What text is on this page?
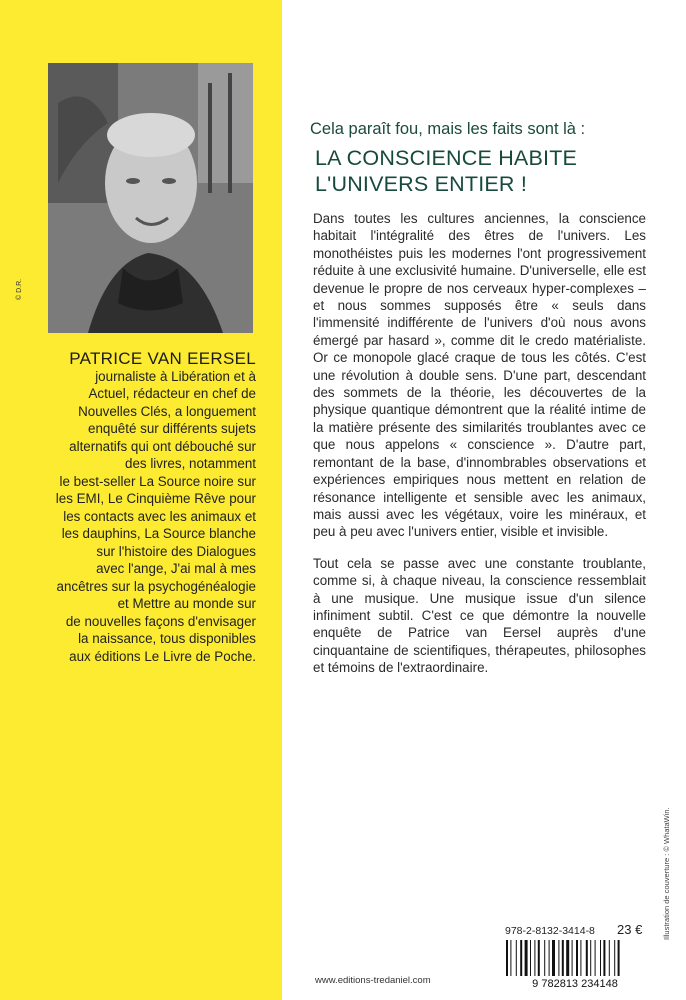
© D.R.
PATRICE VAN EERSEL
journaliste à Libération et à
Actuel, rédacteur en chef de
Nouvelles Clés, a longuement
enquêté sur différents sujets
alternatifs qui ont débouché sur
des livres, notamment
le best-seller La Source noire sur
les EMI, Le Cinquième Rêve pour
les contacts avec les animaux et
les dauphins, La Source blanche
sur l'histoire des Dialogues
avec l'ange, J'ai mal à mes
ancêtres sur la psychogénéalogie
et Mettre au monde sur
de nouvelles façons d'envisager
la naissance, tous disponibles
aux éditions Le Livre de Poche.
Cela paraît fou, mais les faits sont là :
LA CONSCIENCE HABITE
L'UNIVERS ENTIER !

Dans toutes les cultures anciennes, la conscience habitait l'intégralité des êtres de l'univers. Les monothéistes puis les modernes l'ont progressivement réduite à une exclusivité humaine. D'universelle, elle est devenue le propre de nos cerveaux hyper-complexes – et nous sommes supposés être « seuls dans l'immensité indifférente de l'univers d'où nous avons émergé par hasard », comme dit le credo matérialiste. Or ce monopole glacé craque de tous les côtés. C'est une révolution à double sens. D'une part, descendant des sommets de la théorie, les découvertes de la physique quantique démontrent que la réalité intime de la matière présente des similarités troublantes avec ce que nous appelons « conscience ». D'autre part, remontant de la base, d'innombrables observations et expériences empiriques nous mettent en relation de résonance intelligente et sensible avec les animaux, mais aussi avec les végétaux, voire les minéraux, et peu à peu avec l'univers entier, visible et invisible.

Tout cela se passe avec une constante troublante, comme si, à chaque niveau, la conscience ressemblait à une musique. Une musique issue d'un silence infiniment subtil. C'est ce que démontre la nouvelle enquête de Patrice van Eersel auprès d'une cinquantaine de scientifiques, thérapeutes, philosophes et témoins de l'extraordinaire.

Illustration de couverture : © WhataWin.
978-2-8132-3414-8 23 €
9 782813 234148
www.editions-tredaniel.com
